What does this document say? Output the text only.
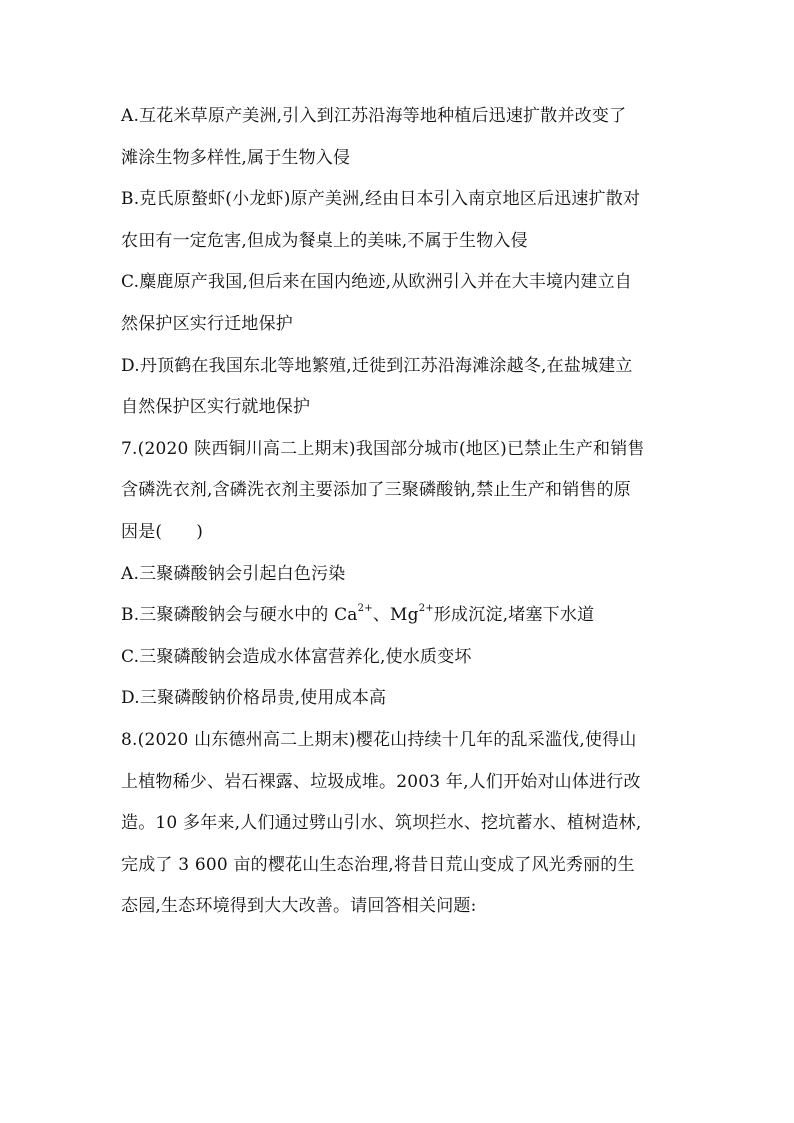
A.互花米草原产美洲,引入到江苏沿海等地种植后迅速扩散并改变了
滩涂生物多样性,属于生物入侵
B.克氏原螯虾(小龙虾)原产美洲,经由日本引入南京地区后迅速扩散对
农田有一定危害,但成为餐桌上的美味,不属于生物入侵
C.麋鹿原产我国,但后来在国内绝迹,从欧洲引入并在大丰境内建立自
然保护区实行迁地保护
D.丹顶鹤在我国东北等地繁殖,迁徙到江苏沿海滩涂越冬,在盐城建立
自然保护区实行就地保护
7.(2020 陕西铜川高二上期末)我国部分城市(地区)已禁止生产和销售
含磷洗衣剂,含磷洗衣剂主要添加了三聚磷酸钠,禁止生产和销售的原
因是( )
A.三聚磷酸钠会引起白色污染
B.三聚磷酸钠会与硬水中的 $Ca^{2+}$、$Mg^{2+}$形成沉淀,堵塞下水道
C.三聚磷酸钠会造成水体富营养化,使水质变坏
D.三聚磷酸钠价格昂贵,使用成本高
8.(2020 山东德州高二上期末)樱花山持续十几年的乱采滥伐,使得山
上植物稀少、岩石裸露、垃圾成堆。2003 年,人们开始对山体进行改
造。10 多年来,人们通过劈山引水、筑坝拦水、挖坑蓄水、植树造林,
完成了 3 600 亩的樱花山生态治理,将昔日荒山变成了风光秀丽的生
态园,生态环境得到大大改善。请回答相关问题:
